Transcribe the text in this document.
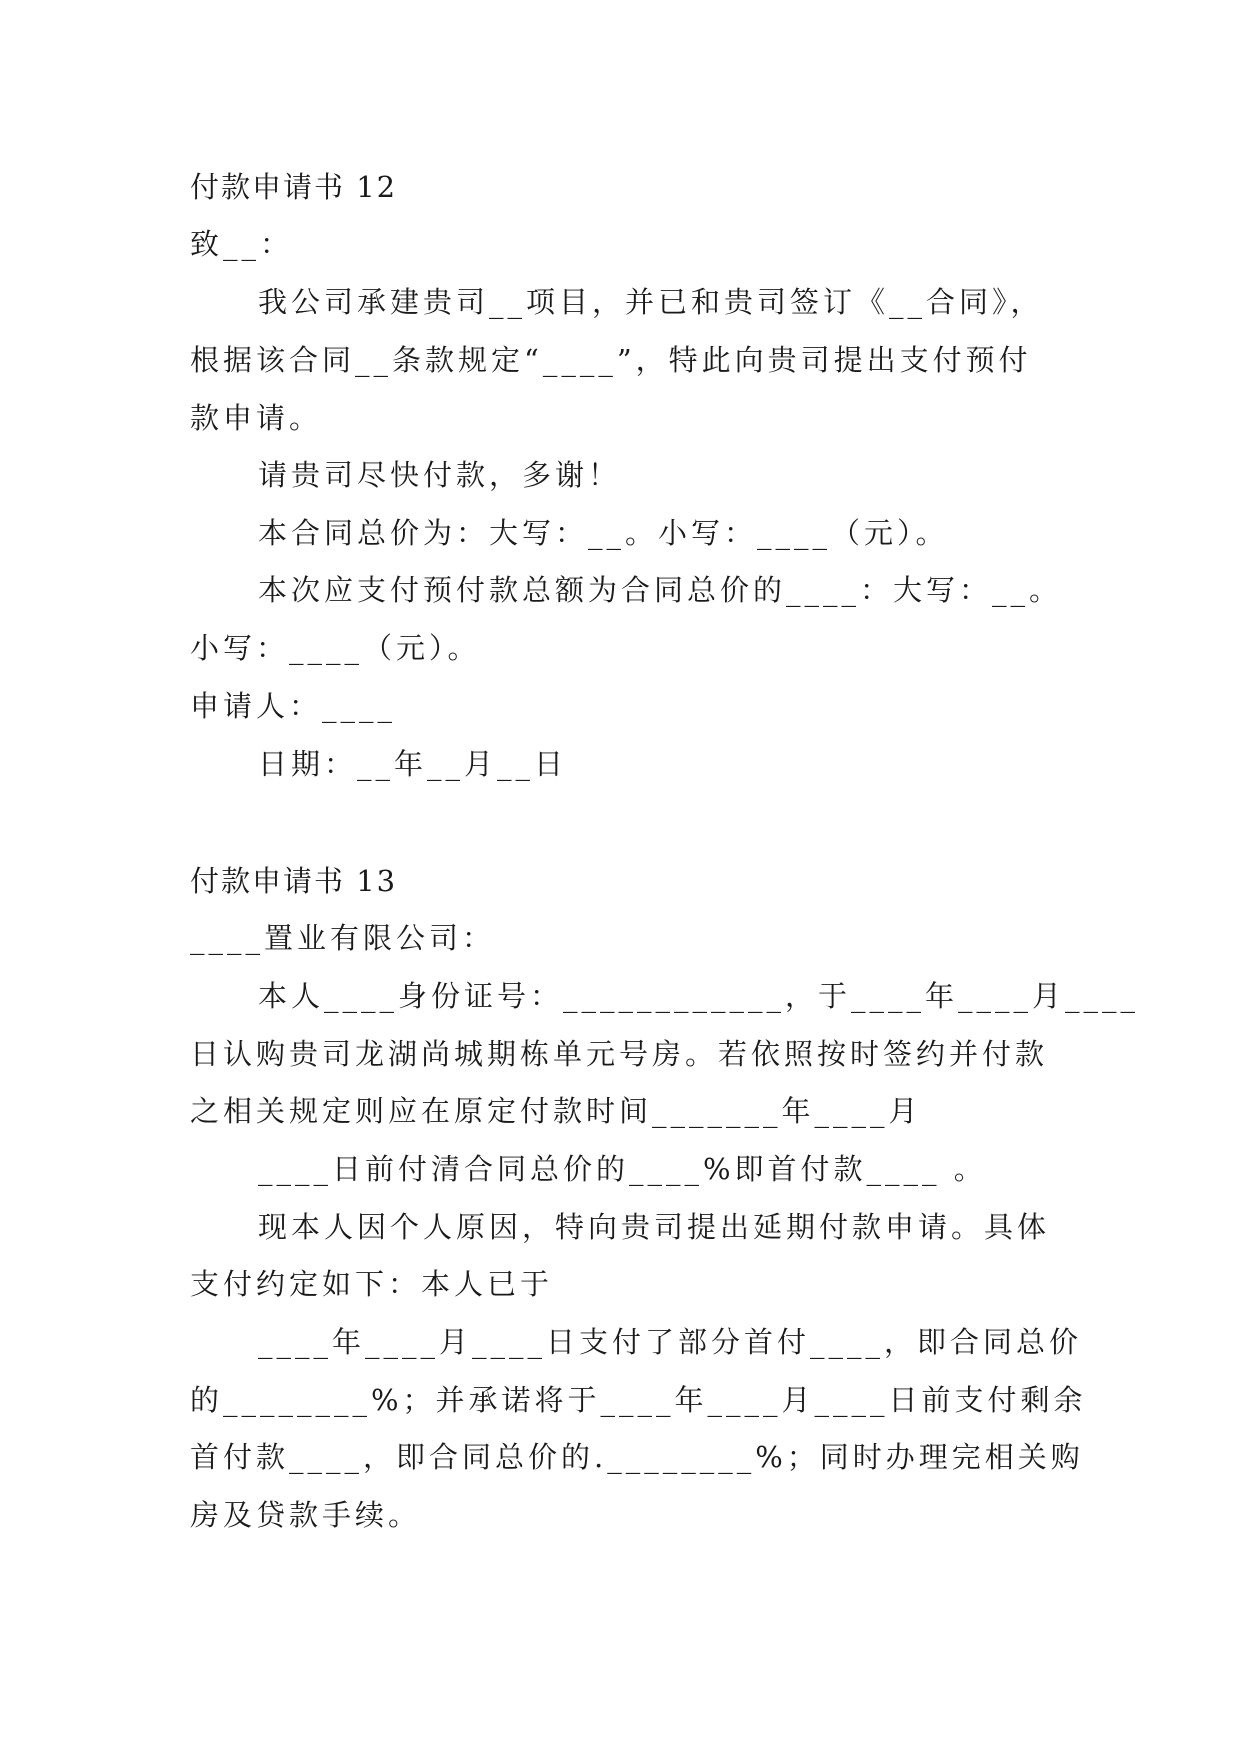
付款申请书 12
致__：
我公司承建贵司__项目，并已和贵司签订《__合同》，
根据该合同__条款规定“____”，特此向贵司提出支付预付
款申请。
请贵司尽快付款，多谢！
本合同总价为：大写：__。小写：____（元）。
本次应支付预付款总额为合同总价的____：大写：__。
小写：____（元）。
申请人：____
日期：__年__月__日
付款申请书 13
____置业有限公司：
本人____身份证号：____________，于____年____月____
日认购贵司龙湖尚城期栋单元号房。若依照按时签约并付款
之相关规定则应在原定付款时间_______年____月
____日前付清合同总价的____%即首付款____ 。
现本人因个人原因，特向贵司提出延期付款申请。具体
支付约定如下：本人已于
____年____月____日支付了部分首付____，即合同总价
的________%；并承诺将于____年____月____日前支付剩余
首付款____，即合同总价的.________%；同时办理完相关购
房及贷款手续。
